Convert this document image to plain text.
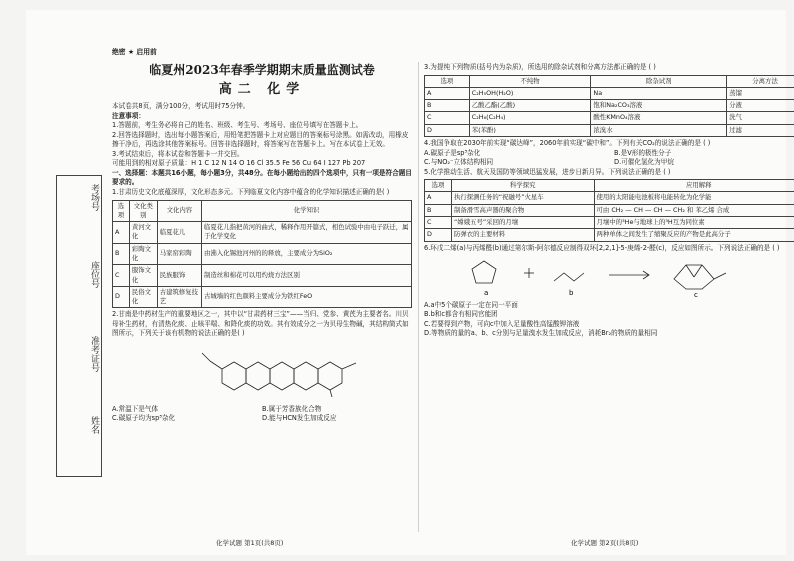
考场号
座位号
准考证号
姓名
绝密 ★ 启用前
临夏州2023年春季学期期末质量监测试卷
高二 化学

本试卷共8页，满分100分，考试用时75分钟。

注意事项：

1.答题前，考生务必将自己的姓名、班级、考生号、考场号、座位号填写在答题卡上。

2.回答选择题时，选出每小题答案后，用铅笔把答题卡上对应题目的答案标号涂黑。如需改动，用橡皮擦干净后，再选涂其他答案标号。回答非选择题时，将答案写在答题卡上。写在本试卷上无效。

3.考试结束后，将本试卷和答题卡一并交回。

可能用到的相对原子质量：H 1 C 12 N 14 O 16 Cl 35.5 Fe 56 Cu 64 I 127 Pb 207

一、选择题：本题共16小题，每小题3分，共48分。在每小题给出的四个选项中，只有一项是符合题目要求的。

1.甘肃历史文化底蕴深厚，文化形态多元。下列临夏文化内容中蕴含的化学知识描述正确的是( )

选项	文化类别	文化内容	化学知识
A	黄河文化	临夏花儿	临夏花儿指把黄河的曲式，稀释作用开篇式，相色试验中由电子跃迁，属于化学变化
B	彩陶文化	马家窑彩陶	由沸入化锡池河州的的释放，主要成分为SiO₂
C	服饰文化	民族服饰	制造丝和棉花可以用灼烧方法区别
D	民俗文化	古建筑修复技艺	古城墙的红色颜料主要成分为铁红FeO

2.甘南是中药材生产的重要地区之一，其中以“甘肃药材三宝”——当归、党参、黄芪为主要者名。川贝母补生药材，有清热化痰、止咳平喘、和降化痰的功效。其有效成分之一为贝母生物碱，其结构简式如图所示，下列关于该有机物的说法正确的是( )

A.常温下是气体	B.属于芳香族化合物
C.碳原子均为sp³杂化	D.能与HCN发生加成反应

3.为提纯下列物质(括号内为杂质)，所选用的除杂试剂和分离方法都正确的是 ( )

选项	不纯物	除杂试剂	分离方法
A	C₂H₅OH(H₂O)	Na	蒸馏
B	乙酸乙酯(乙酸)	饱和Na₂CO₃溶液	分液
C	C₂H₆(C₂H₄)	酸性KMnO₄溶液	洗气
D	苯(苯酚)	浓溴水	过滤

4.我国争取在2030年前实现“碳达峰”，2060年前实现“碳中和”。下列有关CO₂的说法正确的是 ( )

A.碳原子是sp³杂化	B.是V形的极性分子
C.与NO₂⁻立体结构相同	D.可催化氢化为甲烷

5.化学推动生活、航天及国防等领域迅猛发展，进步日新月异。下列说法正确的是 ( )

选项	科学探究	应用解释
A	执行探测任务的“祝融号”火星车	使用的太阳能电池板将电能转化为化学能
B	制备滑雪高声器的聚合物	可由 CH₂ — CH — CH — CH₂ 和 苯乙烯 合成
C	“嫦娥五号”采回的月壤	月壤中的³He与地球上的³H互为同位素
D	防弹衣的主要材料	两种单体之间发生了缩聚反应的产物是此高分子

6.环戊二烯(a)与丙烯醛(b)通过第尔斯-阿尔德反应制得双环[2,2,1]-5-庚烯-2-醛(c)，反应如图所示。下列说法正确的是 ( )

a	b	c

A.a中5个碳原子一定在同一平面

B.b和c都含有相同官能团

C.若要得到产物，可向c中加入足量酸性高锰酸钾溶液

D.等物质的量的a、b、c分别与足量溴水发生加成反应，消耗Br₂的物质的量相同

化学试题 第1页(共8页)	化学试题 第2页(共8页)
